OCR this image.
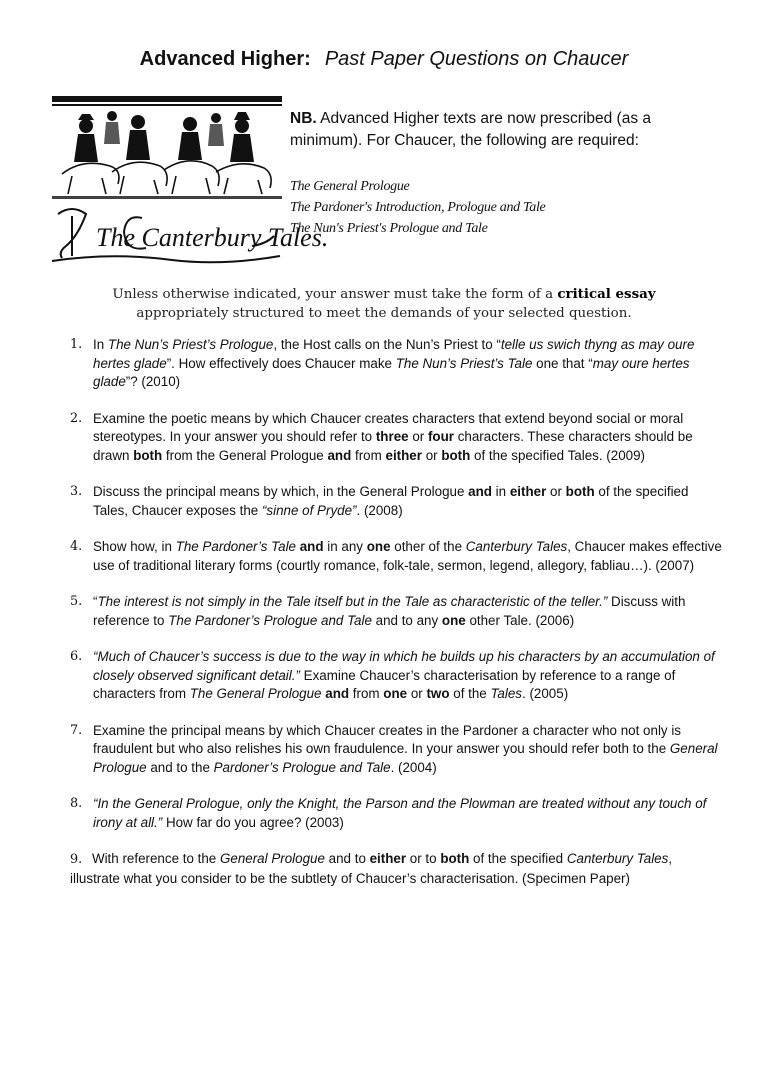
Advanced Higher: Past Paper Questions on Chaucer
The Canterbury Tales.
NB. Advanced Higher texts are now prescribed (as a minimum). For Chaucer, the following are required:
The General Prologue
The Pardoner's Introduction, Prologue and Tale
The Nun's Priest's Prologue and Tale
Unless otherwise indicated, your answer must take the form of a critical essay
appropriately structured to meet the demands of your selected question.
1. In The Nun’s Priest’s Prologue, the Host calls on the Nun’s Priest to “telle us swich thyng as may oure hertes glade”. How effectively does Chaucer make The Nun’s Priest’s Tale one that “may oure hertes glade”? (2010)
2. Examine the poetic means by which Chaucer creates characters that extend beyond social or moral stereotypes. In your answer you should refer to three or four characters. These characters should be drawn both from the General Prologue and from either or both of the specified Tales. (2009)
3. Discuss the principal means by which, in the General Prologue and in either or both of the specified Tales, Chaucer exposes the “sinne of Pryde”. (2008)
4. Show how, in The Pardoner’s Tale and in any one other of the Canterbury Tales, Chaucer makes effective use of traditional literary forms (courtly romance, folk-tale, sermon, legend, allegory, fabliau…). (2007)
5. “The interest is not simply in the Tale itself but in the Tale as characteristic of the teller.” Discuss with reference to The Pardoner’s Prologue and Tale and to any one other Tale. (2006)
6. “Much of Chaucer’s success is due to the way in which he builds up his characters by an accumulation of closely observed significant detail.” Examine Chaucer’s characterisation by reference to a range of characters from The General Prologue and from one or two of the Tales. (2005)
7. Examine the principal means by which Chaucer creates in the Pardoner a character who not only is fraudulent but who also relishes his own fraudulence. In your answer you should refer both to the General Prologue and to the Pardoner’s Prologue and Tale. (2004)
8. “In the General Prologue, only the Knight, the Parson and the Plowman are treated without any touch of irony at all.” How far do you agree? (2003)
9. With reference to the General Prologue and to either or to both of the specified Canterbury Tales, illustrate what you consider to be the subtlety of Chaucer’s characterisation. (Specimen Paper)
